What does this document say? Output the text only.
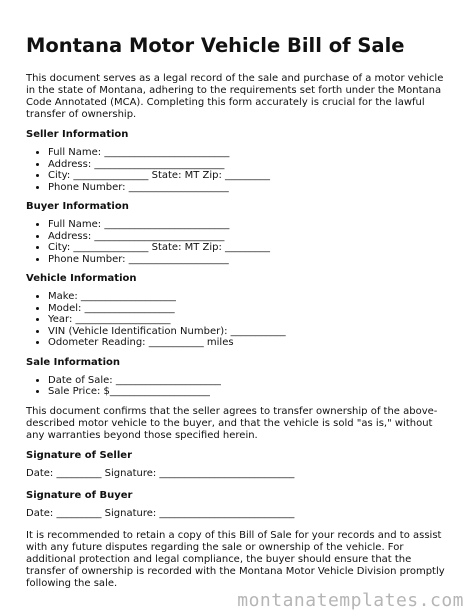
Montana Motor Vehicle Bill of Sale

This document serves as a legal record of the sale and purchase of a motor vehicle in the state of Montana, adhering to the requirements set forth under the Montana Code Annotated (MCA). Completing this form accurately is crucial for the lawful transfer of ownership.

Seller Information
• Full Name: _________________________
• Address: __________________________
• City: _______________ State: MT Zip: _________
• Phone Number: ____________________
Buyer Information
• Full Name: _________________________
• Address: __________________________
• City: _______________ State: MT Zip: _________
• Phone Number: ____________________
Vehicle Information
• Make: ___________________
• Model: __________________
• Year: ___________________
• VIN (Vehicle Identification Number): ___________
• Odometer Reading: ___________ miles
Sale Information
• Date of Sale: _____________________
• Sale Price: $____________________

This document confirms that the seller agrees to transfer ownership of the above-described motor vehicle to the buyer, and that the vehicle is sold "as is," without any warranties beyond those specified herein.

Signature of Seller

Date: _________ Signature: ___________________________

Signature of Buyer

Date: _________ Signature: ___________________________

It is recommended to retain a copy of this Bill of Sale for your records and to assist with any future disputes regarding the sale or ownership of the vehicle. For additional protection and legal compliance, the buyer should ensure that the transfer of ownership is recorded with the Montana Motor Vehicle Division promptly following the sale.

montanatemplates.com
